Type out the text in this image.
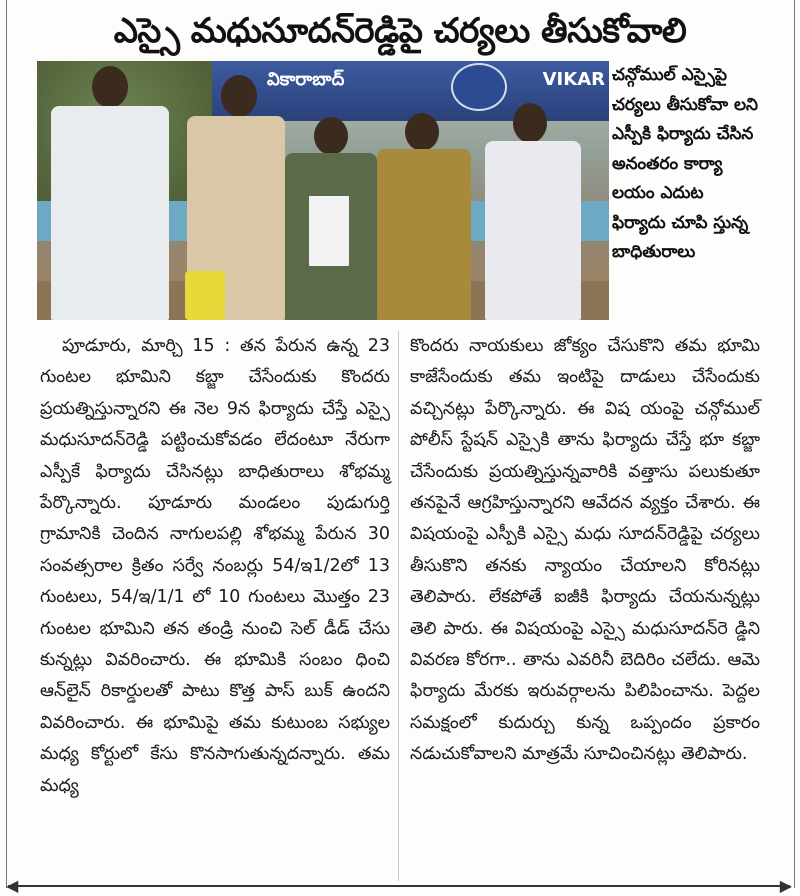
ఎస్సై మధుసూదన్‌రెడ్డిపై చర్యలు తీసుకోవాలి
వికారాబాద్	VIKAR చన్గోముల్ ఎస్సైపై చర్యలు తీసుకోవా లని ఎస్పీకి ఫిర్యాదు చేసిన అనంతరం కార్యా లయం ఎదుట ఫిర్యాదు చూపి స్తున్న బాధితురాలు

పూడూరు, మార్చి 15 : తన పేరున ఉన్న 23 గుంటల భూమిని కబ్జా చేసేందుకు కొందరు ప్రయత్నిస్తున్నారని ఈ నెల 9న ఫిర్యాదు చేస్తే ఎస్సై మధుసూదన్‌రెడ్డి పట్టించుకోవడం లేదంటూ నేరుగా ఎస్పీకే ఫిర్యాదు చేసినట్లు బాధితురాలు శోభమ్మ పేర్కొన్నారు. పూడూరు మండలం పుడుగుర్తి గ్రామానికి చెందిన నాగులపల్లి శోభమ్మ పేరున 30 సంవత్సరాల క్రితం సర్వే నంబర్లు 54/ఇ1/2లో 13 గుంటలు, 54/ఇ/1/1 లో 10 గుంటలు మొత్తం 23 గుంటల భూమిని తన తండ్రి నుంచి సెల్ డీడ్ చేసు కున్నట్లు వివరించారు. ఈ భూమికి సంబం ధించి ఆన్‌లైన్ రికార్డులతో పాటు కొత్త పాస్ బుక్ ఉందని వివరించారు. ఈ భూమిపై తమ కుటుంబ సభ్యుల మధ్య కోర్టులో కేసు కొనసాగుతున్నదన్నారు. తమ మధ్య

కొందరు నాయకులు జోక్యం చేసుకొని తమ భూమి కాజేసేందుకు తమ ఇంటిపై దాడులు చేసేందుకు వచ్చినట్లు పేర్కొన్నారు. ఈ విష యంపై చన్గోముల్ పోలీస్ స్టేషన్ ఎస్సైకి తాను ఫిర్యాదు చేస్తే భూ కబ్జా చేసేందుకు ప్రయత్నిస్తున్నవారికి వత్తాసు పలుకుతూ తనపైనే ఆగ్రహిస్తున్నారని ఆవేదన వ్యక్తం చేశారు. ఈ విషయంపై ఎస్పీకి ఎస్సై మధు సూదన్‌రెడ్డిపై చర్యలు తీసుకొని తనకు న్యాయం చేయాలని కోరినట్లు తెలిపారు. లేకపోతే ఐజీకి ఫిర్యాదు చేయనున్నట్లు తెలి పారు. ఈ విషయంపై ఎస్సై మధుసూదన్‌రె డ్డిని వివరణ కోరగా.. తాను ఎవరినీ బెదిరిం చలేదు. ఆమె ఫిర్యాదు మేరకు ఇరువర్గాలను పిలిపించాను. పెద్దల సమక్షంలో కుదుర్చు కున్న ఒప్పందం ప్రకారం నడుచుకోవాలని మాత్రమే సూచించినట్లు తెలిపారు.

◀	▶
